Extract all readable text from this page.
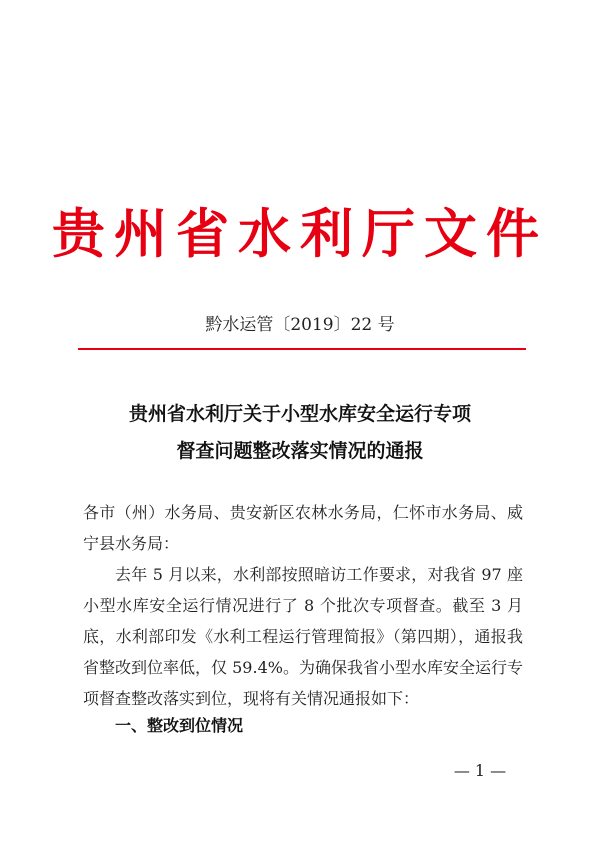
贵州省水利厅文件
黔水运管〔2019〕22 号
贵州省水利厅关于小型水库安全运行专项
督查问题整改落实情况的通报

各市（州）水务局、贵安新区农林水务局，仁怀市水务局、威宁县水务局：

去年 5 月以来，水利部按照暗访工作要求，对我省 97 座小型水库安全运行情况进行了 8 个批次专项督查。截至 3 月底，水利部印发《水利工程运行管理简报》（第四期），通报我省整改到位率低，仅 59.4%。为确保我省小型水库安全运行专项督查整改落实到位，现将有关情况通报如下：

一、整改到位情况
— 1 —
